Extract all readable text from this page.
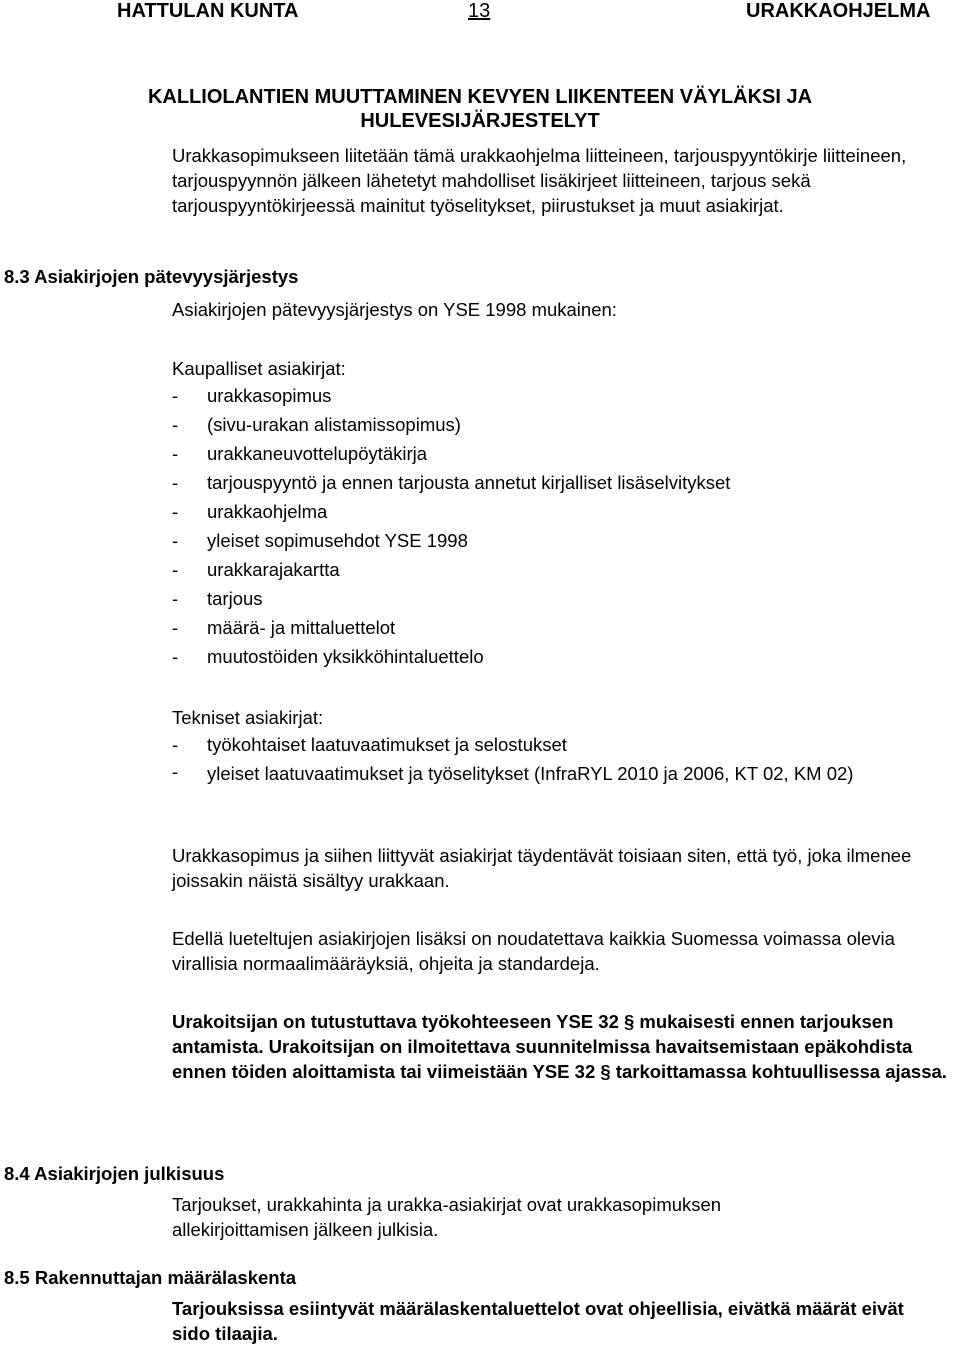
HATTULAN KUNTA	13	URAKKAOHJELMA
KALLIOLANTIEN MUUTTAMINEN KEVYEN LIIKENTEEN VÄYLÄKSI JA
HULEVESIJÄRJESTELYT
Urakkasopimukseen liitetään tämä urakkaohjelma liitteineen, tarjouspyyntökirje liitteineen, tarjouspyynnön jälkeen lähetetyt mahdolliset lisäkirjeet liitteineen, tarjous sekä tarjouspyyntökirjeessä mainitut työselitykset, piirustukset ja muut asiakirjat.
8.3 Asiakirjojen pätevyysjärjestys
Asiakirjojen pätevyysjärjestys on YSE 1998 mukainen:
Kaupalliset asiakirjat:
- urakkasopimus
- (sivu-urakan alistamissopimus)
- urakkaneuvottelupöytäkirja
- tarjouspyyntö ja ennen tarjousta annetut kirjalliset lisäselvitykset
- urakkaohjelma
- yleiset sopimusehdot YSE 1998
- urakkarajakartta
- tarjous
- määrä- ja mittaluettelot
- muutostöiden yksikköhintaluettelo
Tekniset asiakirjat:
- työkohtaiset laatuvaatimukset ja selostukset
- yleiset laatuvaatimukset ja työselitykset (InfraRYL 2010 ja 2006, KT 02, KM 02)
Urakkasopimus ja siihen liittyvät asiakirjat täydentävät toisiaan siten, että työ, joka ilmenee joissakin näistä sisältyy urakkaan.
Edellä lueteltujen asiakirjojen lisäksi on noudatettava kaikkia Suomessa voimassa olevia virallisia normaalimääräyksiä, ohjeita ja standardeja.
Urakoitsijan on tutustuttava työkohteeseen YSE 32 § mukaisesti ennen tarjouksen antamista. Urakoitsijan on ilmoitettava suunnitelmissa havaitsemistaan epäkohdista ennen töiden aloittamista tai viimeistään YSE 32 § tarkoittamassa kohtuullisessa ajassa.
8.4 Asiakirjojen julkisuus
Tarjoukset, urakkahinta ja urakka-asiakirjat ovat urakkasopimuksen allekirjoittamisen jälkeen julkisia.
8.5 Rakennuttajan määrälaskenta
Tarjouksissa esiintyvät määrälaskentaluettelot ovat ohjeellisia, eivätkä määrät eivät sido tilaajia.
